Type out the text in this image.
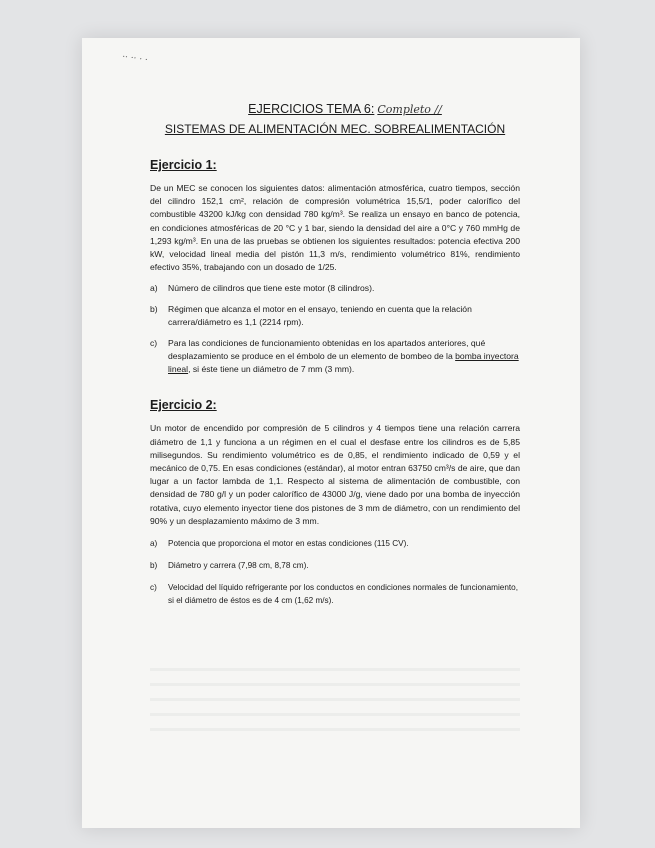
·· ·· · ·

EJERCICIOS TEMA 6: Completo //

SISTEMAS DE ALIMENTACIÓN MEC. SOBREALIMENTACIÓN

Ejercicio 1:

De un MEC se conocen los siguientes datos: alimentación atmosférica, cuatro tiempos, sección del cilindro 152,1 cm², relación de compresión volumétrica 15,5/1, poder calorífico del combustible 43200 kJ/kg con densidad 780 kg/m³. Se realiza un ensayo en banco de potencia, en condiciones atmosféricas de 20 °C y 1 bar, siendo la densidad del aire a 0°C y 760 mmHg de 1,293 kg/m³. En una de las pruebas se obtienen los siguientes resultados: potencia efectiva 200 kW, velocidad lineal media del pistón 11,3 m/s, rendimiento volumétrico 81%, rendimiento efectivo 35%, trabajando con un dosado de 1/25.

a)	Número de cilindros que tiene este motor (8 cilindros).
b)	Régimen que alcanza el motor en el ensayo, teniendo en cuenta que la relación carrera/diámetro es 1,1 (2214 rpm).
c)	Para las condiciones de funcionamiento obtenidas en los apartados anteriores, qué desplazamiento se produce en el émbolo de un elemento de bombeo de la bomba inyectora lineal, si éste tiene un diámetro de 7 mm (3 mm).
Ejercicio 2:

Un motor de encendido por compresión de 5 cilindros y 4 tiempos tiene una relación carrera diámetro de 1,1 y funciona a un régimen en el cual el desfase entre los cilindros es de 5,85 milisegundos. Su rendimiento volumétrico es de 0,85, el rendimiento indicado de 0,59 y el mecánico de 0,75. En esas condiciones (estándar), al motor entran 63750 cm³/s de aire, que dan lugar a un factor lambda de 1,1. Respecto al sistema de alimentación de combustible, con densidad de 780 g/l y un poder calorífico de 43000 J/g, viene dado por una bomba de inyección rotativa, cuyo elemento inyector tiene dos pistones de 3 mm de diámetro, con un rendimiento del 90% y un desplazamiento máximo de 3 mm.

a)	Potencia que proporciona el motor en estas condiciones (115 CV).
b)	Diámetro y carrera (7,98 cm, 8,78 cm).
c)	Velocidad del líquido refrigerante por los conductos en condiciones normales de funcionamiento, si el diámetro de éstos es de 4 cm (1,62 m/s).
